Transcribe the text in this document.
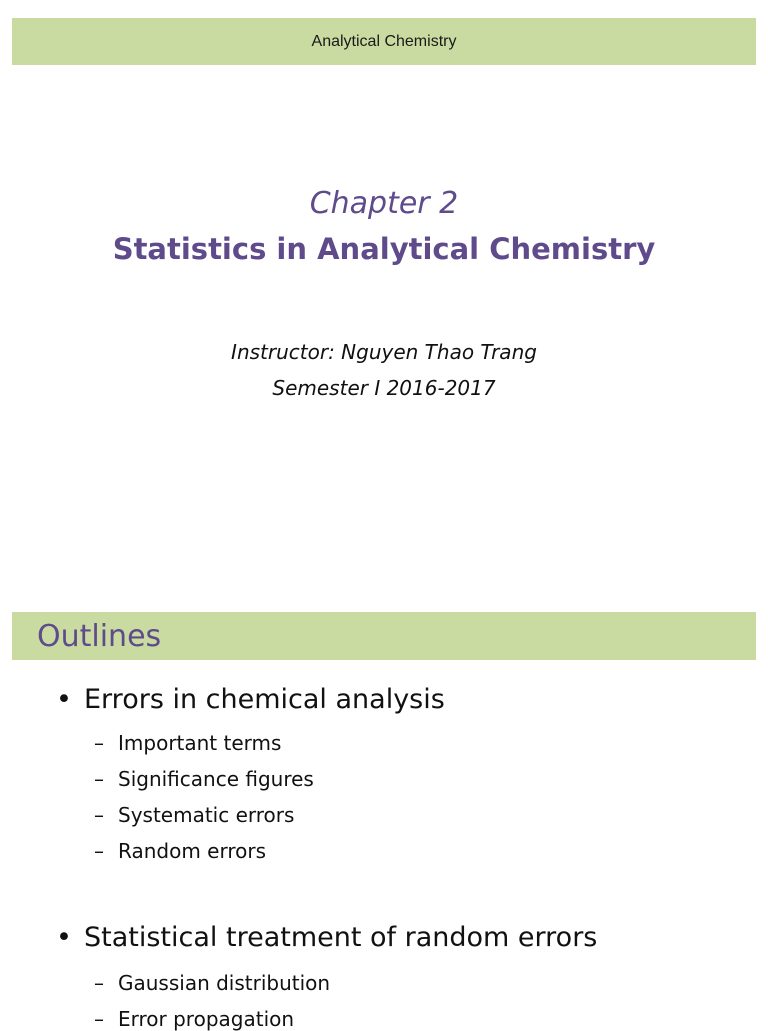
Analytical Chemistry
Chapter 2
Statistics in Analytical Chemistry
Instructor: Nguyen Thao Trang
Semester I 2016-2017
Outlines
• Errors in chemical analysis
– Important terms
– Significance figures
– Systematic errors
– Random errors
• Statistical treatment of random errors
– Gaussian distribution
– Error propagation
